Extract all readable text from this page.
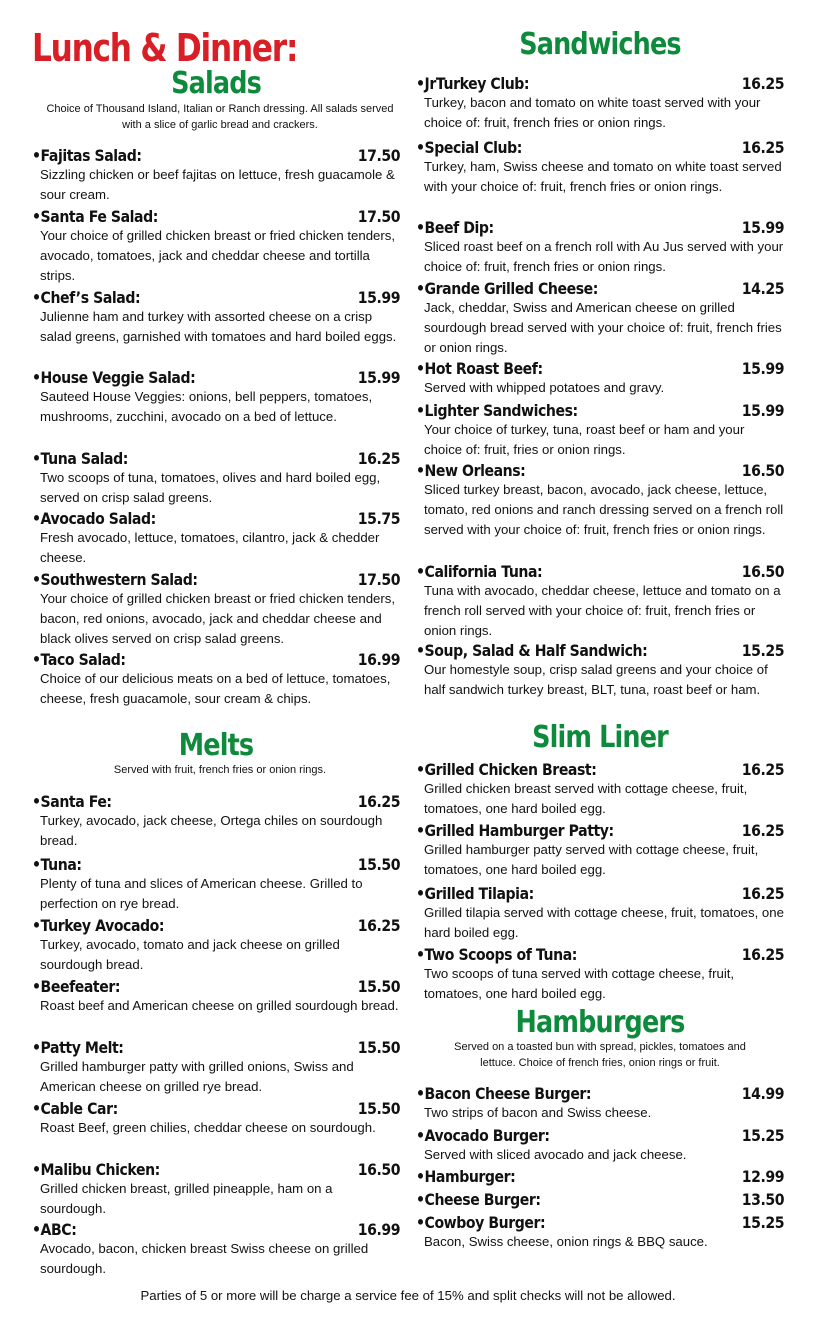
Lunch & Dinner:
Salads

Choice of Thousand Island, Italian or Ranch dressing. All salads served with a slice of garlic bread and crackers.

•Fajitas Salad:	17.50

Sizzling chicken or beef fajitas on lettuce, fresh guacamole & sour cream.

•Santa Fe Salad:	17.50

Your choice of grilled chicken breast or fried chicken tenders, avocado, tomatoes, jack and cheddar cheese and tortilla strips.

•Chef’s Salad:	15.99

Julienne ham and turkey with assorted cheese on a crisp salad greens, garnished with tomatoes and hard boiled eggs.

•House Veggie Salad:	15.99

Sauteed House Veggies: onions, bell peppers, tomatoes, mushrooms, zucchini, avocado on a bed of lettuce.

•Tuna Salad:	16.25

Two scoops of tuna, tomatoes, olives and hard boiled egg, served on crisp salad greens.

•Avocado Salad:	15.75

Fresh avocado, lettuce, tomatoes, cilantro, jack & chedder cheese.

•Southwestern Salad:	17.50

Your choice of grilled chicken breast or fried chicken tenders, bacon, red onions, avocado, jack and cheddar cheese and black olives served on crisp salad greens.

•Taco Salad:	16.99

Choice of our delicious meats on a bed of lettuce, tomatoes, cheese, fresh guacamole, sour cream & chips.

Melts

Served with fruit, french fries or onion rings.

•Santa Fe:	16.25

Turkey, avocado, jack cheese, Ortega chiles on sourdough bread.

•Tuna:	15.50

Plenty of tuna and slices of American cheese. Grilled to perfection on rye bread.

•Turkey Avocado:	16.25

Turkey, avocado, tomato and jack cheese on grilled sourdough bread.

•Beefeater:	15.50

Roast beef and American cheese on grilled sourdough bread.

•Patty Melt:	15.50

Grilled hamburger patty with grilled onions, Swiss and American cheese on grilled rye bread.

•Cable Car:	15.50

Roast Beef, green chilies, cheddar cheese on sourdough.

•Malibu Chicken:	16.50

Grilled chicken breast, grilled pineapple, ham on a sourdough.

•ABC:	16.99

Avocado, bacon, chicken breast Swiss cheese on grilled sourdough.

Sandwiches
•JrTurkey Club:	16.25

Turkey, bacon and tomato on white toast served with your choice of: fruit, french fries or onion rings.

•Special Club:	16.25

Turkey, ham, Swiss cheese and tomato on white toast served with your choice of: fruit, french fries or onion rings.

•Beef Dip:	15.99

Sliced roast beef on a french roll with Au Jus served with your choice of: fruit, french fries or onion rings.

•Grande Grilled Cheese:	14.25

Jack, cheddar, Swiss and American cheese on grilled sourdough bread served with your choice of: fruit, french fries or onion rings.

•Hot Roast Beef:	15.99

Served with whipped potatoes and gravy.

•Lighter Sandwiches:	15.99

Your choice of turkey, tuna, roast beef or ham and your choice of: fruit, fries or onion rings.

•New Orleans:	16.50

Sliced turkey breast, bacon, avocado, jack cheese, lettuce, tomato, red onions and ranch dressing served on a french roll served with your choice of: fruit, french fries or onion rings.

•California Tuna:	16.50

Tuna with avocado, cheddar cheese, lettuce and tomato on a french roll served with your choice of: fruit, french fries or onion rings.

•Soup, Salad & Half Sandwich:	15.25

Our homestyle soup, crisp salad greens and your choice of half sandwich turkey breast, BLT, tuna, roast beef or ham.

Slim Liner
•Grilled Chicken Breast:	16.25

Grilled chicken breast served with cottage cheese, fruit, tomatoes, one hard boiled egg.

•Grilled Hamburger Patty:	16.25

Grilled hamburger patty served with cottage cheese, fruit, tomatoes, one hard boiled egg.

•Grilled Tilapia:	16.25

Grilled tilapia served with cottage cheese, fruit, tomatoes, one hard boiled egg.

•Two Scoops of Tuna:	16.25

Two scoops of tuna served with cottage cheese, fruit, tomatoes, one hard boiled egg.

Hamburgers

Served on a toasted bun with spread, pickles, tomatoes and lettuce. Choice of french fries, onion rings or fruit.

•Bacon Cheese Burger:	14.99

Two strips of bacon and Swiss cheese.

•Avocado Burger:	15.25

Served with sliced avocado and jack cheese.

•Hamburger:	12.99
•Cheese Burger:	13.50
•Cowboy Burger:	15.25

Bacon, Swiss cheese, onion rings & BBQ sauce.

Parties of 5 or more will be charge a service fee of 15% and split checks will not be allowed.
